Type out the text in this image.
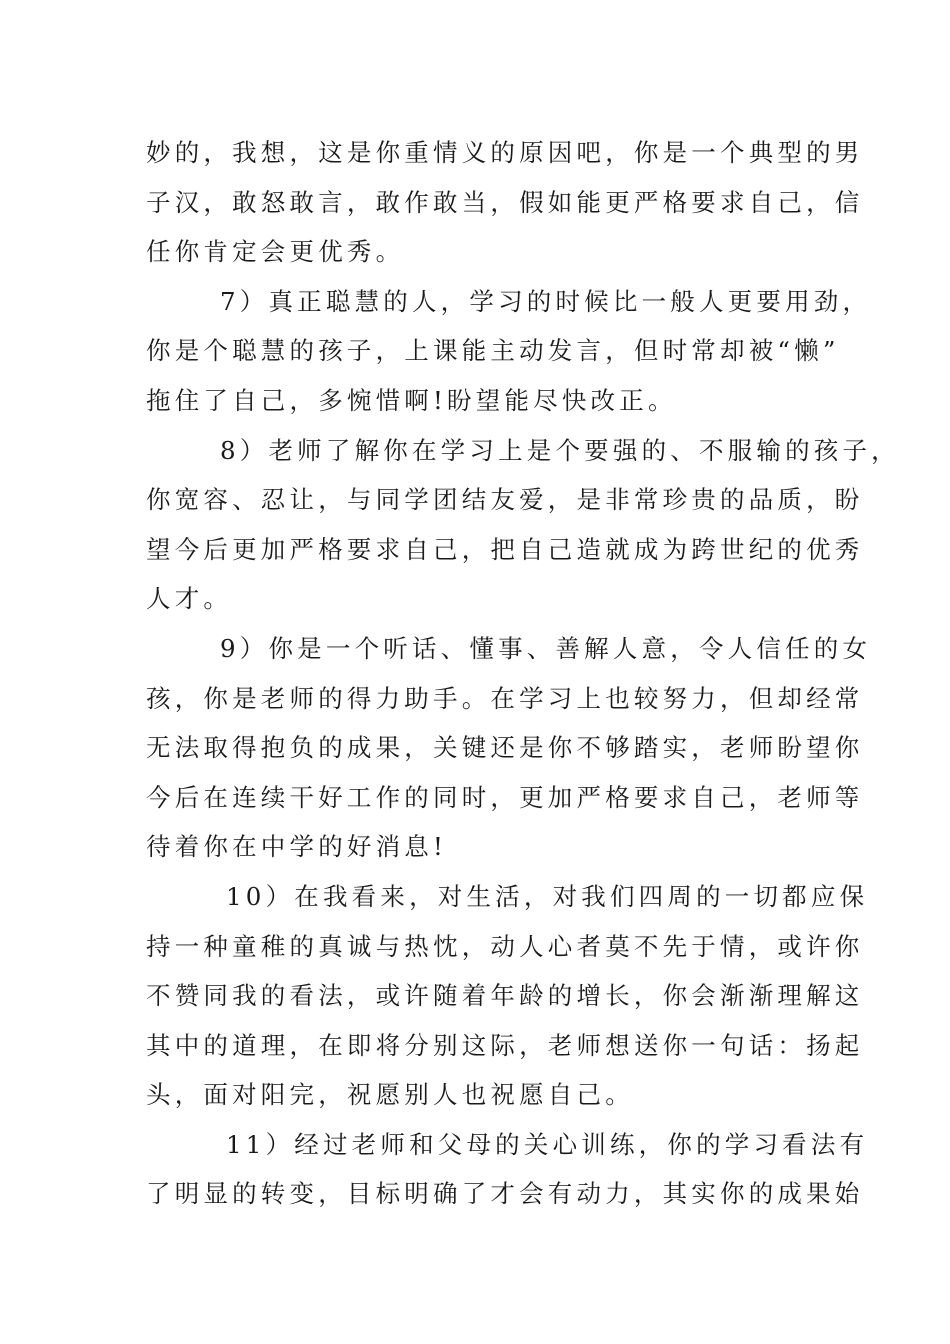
妙的，我想，这是你重情义的原因吧，你是一个典型的男
子汉，敢怒敢言，敢作敢当，假如能更严格要求自己，信
任你肯定会更优秀。
7）真正聪慧的人，学习的时候比一般人更要用劲，
你是个聪慧的孩子，上课能主动发言，但时常却被“懒”
拖住了自己，多惋惜啊!盼望能尽快改正。
8）老师了解你在学习上是个要强的、不服输的孩子，
你宽容、忍让，与同学团结友爱，是非常珍贵的品质，盼
望今后更加严格要求自己，把自己造就成为跨世纪的优秀
人才。
9）你是一个听话、懂事、善解人意，令人信任的女
孩，你是老师的得力助手。在学习上也较努力，但却经常
无法取得抱负的成果，关键还是你不够踏实，老师盼望你
今后在连续干好工作的同时，更加严格要求自己，老师等
待着你在中学的好消息!
10）在我看来，对生活，对我们四周的一切都应保
持一种童稚的真诚与热忱，动人心者莫不先于情，或许你
不赞同我的看法，或许随着年龄的增长，你会渐渐理解这
其中的道理，在即将分别这际，老师想送你一句话：扬起
头，面对阳完，祝愿别人也祝愿自己。
11）经过老师和父母的关心训练，你的学习看法有
了明显的转变，目标明确了才会有动力，其实你的成果始
